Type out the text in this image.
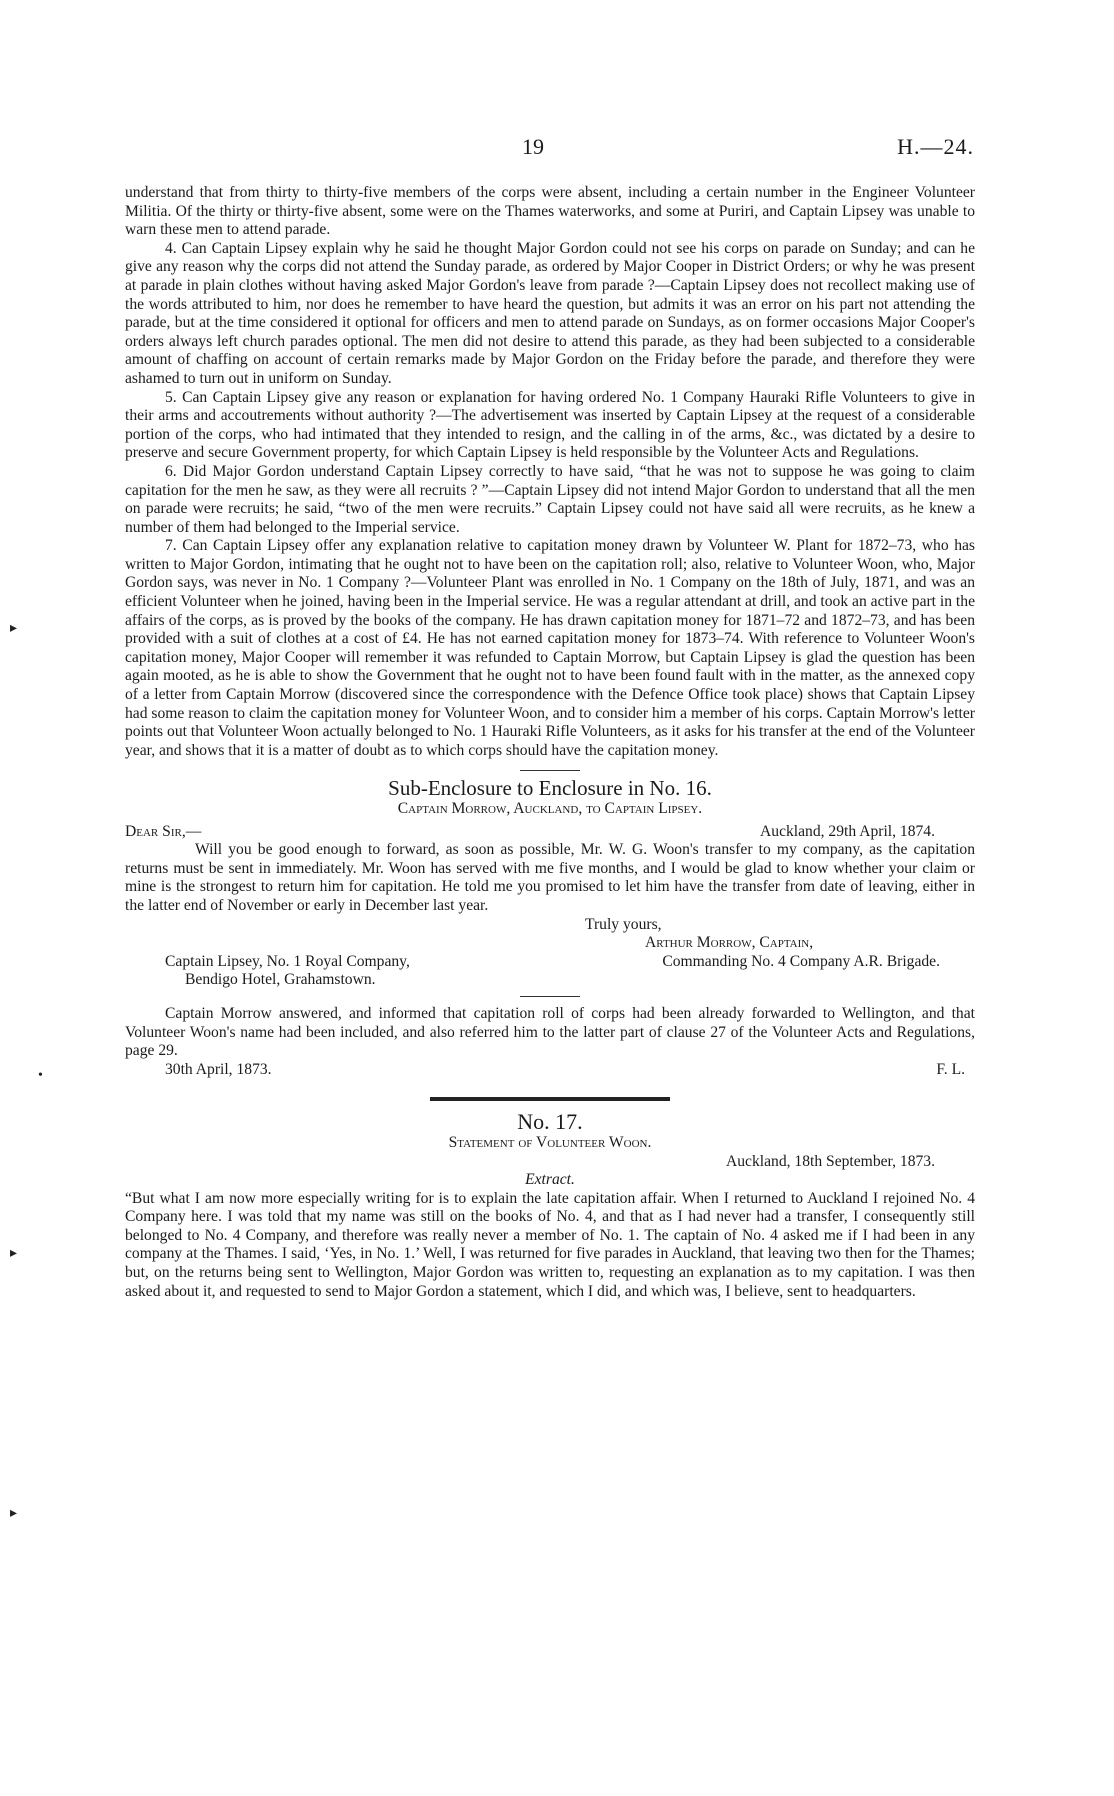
19	H.—24.
▸
•
▸
▸

understand that from thirty to thirty-five members of the corps were absent, including a certain number in the Engineer Volunteer Militia. Of the thirty or thirty-five absent, some were on the Thames waterworks, and some at Puriri, and Captain Lipsey was unable to warn these men to attend parade.

4. Can Captain Lipsey explain why he said he thought Major Gordon could not see his corps on parade on Sunday; and can he give any reason why the corps did not attend the Sunday parade, as ordered by Major Cooper in District Orders; or why he was present at parade in plain clothes without having asked Major Gordon's leave from parade ?—Captain Lipsey does not recollect making use of the words attributed to him, nor does he remember to have heard the question, but admits it was an error on his part not attending the parade, but at the time considered it optional for officers and men to attend parade on Sundays, as on former occasions Major Cooper's orders always left church parades optional. The men did not desire to attend this parade, as they had been subjected to a considerable amount of chaffing on account of certain remarks made by Major Gordon on the Friday before the parade, and therefore they were ashamed to turn out in uniform on Sunday.

5. Can Captain Lipsey give any reason or explanation for having ordered No. 1 Company Hauraki Rifle Volunteers to give in their arms and accoutrements without authority ?—The advertisement was inserted by Captain Lipsey at the request of a considerable portion of the corps, who had intimated that they intended to resign, and the calling in of the arms, &c., was dictated by a desire to preserve and secure Government property, for which Captain Lipsey is held responsible by the Volunteer Acts and Regulations.

6. Did Major Gordon understand Captain Lipsey correctly to have said, “that he was not to suppose he was going to claim capitation for the men he saw, as they were all recruits ? ”—Captain Lipsey did not intend Major Gordon to understand that all the men on parade were recruits; he said, “two of the men were recruits.” Captain Lipsey could not have said all were recruits, as he knew a number of them had belonged to the Imperial service.

7. Can Captain Lipsey offer any explanation relative to capitation money drawn by Volunteer W. Plant for 1872–73, who has written to Major Gordon, intimating that he ought not to have been on the capitation roll; also, relative to Volunteer Woon, who, Major Gordon says, was never in No. 1 Company ?—Volunteer Plant was enrolled in No. 1 Company on the 18th of July, 1871, and was an efficient Volunteer when he joined, having been in the Imperial service. He was a regular attendant at drill, and took an active part in the affairs of the corps, as is proved by the books of the company. He has drawn capitation money for 1871–72 and 1872–73, and has been provided with a suit of clothes at a cost of £4. He has not earned capitation money for 1873–74. With reference to Volunteer Woon's capitation money, Major Cooper will remember it was refunded to Captain Morrow, but Captain Lipsey is glad the question has been again mooted, as he is able to show the Government that he ought not to have been found fault with in the matter, as the annexed copy of a letter from Captain Morrow (discovered since the correspondence with the Defence Office took place) shows that Captain Lipsey had some reason to claim the capitation money for Volunteer Woon, and to consider him a member of his corps. Captain Morrow's letter points out that Volunteer Woon actually belonged to No. 1 Hauraki Rifle Volunteers, as it asks for his transfer at the end of the Volunteer year, and shows that it is a matter of doubt as to which corps should have the capitation money.

Sub-Enclosure to Enclosure in No. 16.
Captain Morrow, Auckland, to Captain Lipsey.
Dear Sir,—	Auckland, 29th April, 1874.

Will you be good enough to forward, as soon as possible, Mr. W. G. Woon's transfer to my company, as the capitation returns must be sent in immediately. Mr. Woon has served with me five months, and I would be glad to know whether your claim or mine is the strongest to return him for capitation. He told me you promised to let him have the transfer from date of leaving, either in the latter end of November or early in December last year.

Truly yours,
Arthur Morrow, Captain,
Captain Lipsey, No. 1 Royal Company,	Commanding No. 4 Company A.R. Brigade.
Bendigo Hotel, Grahamstown.

Captain Morrow answered, and informed that capitation roll of corps had been already forwarded to Wellington, and that Volunteer Woon's name had been included, and also referred him to the latter part of clause 27 of the Volunteer Acts and Regulations, page 29.

30th April, 1873.	F. L.
No. 17.
Statement of Volunteer Woon.
Auckland, 18th September, 1873.
Extract.

“But what I am now more especially writing for is to explain the late capitation affair. When I returned to Auckland I rejoined No. 4 Company here. I was told that my name was still on the books of No. 4, and that as I had never had a transfer, I consequently still belonged to No. 4 Company, and therefore was really never a member of No. 1. The captain of No. 4 asked me if I had been in any company at the Thames. I said, ‘Yes, in No. 1.’ Well, I was returned for five parades in Auckland, that leaving two then for the Thames; but, on the returns being sent to Wellington, Major Gordon was written to, requesting an explanation as to my capitation. I was then asked about it, and requested to send to Major Gordon a statement, which I did, and which was, I believe, sent to headquarters.
